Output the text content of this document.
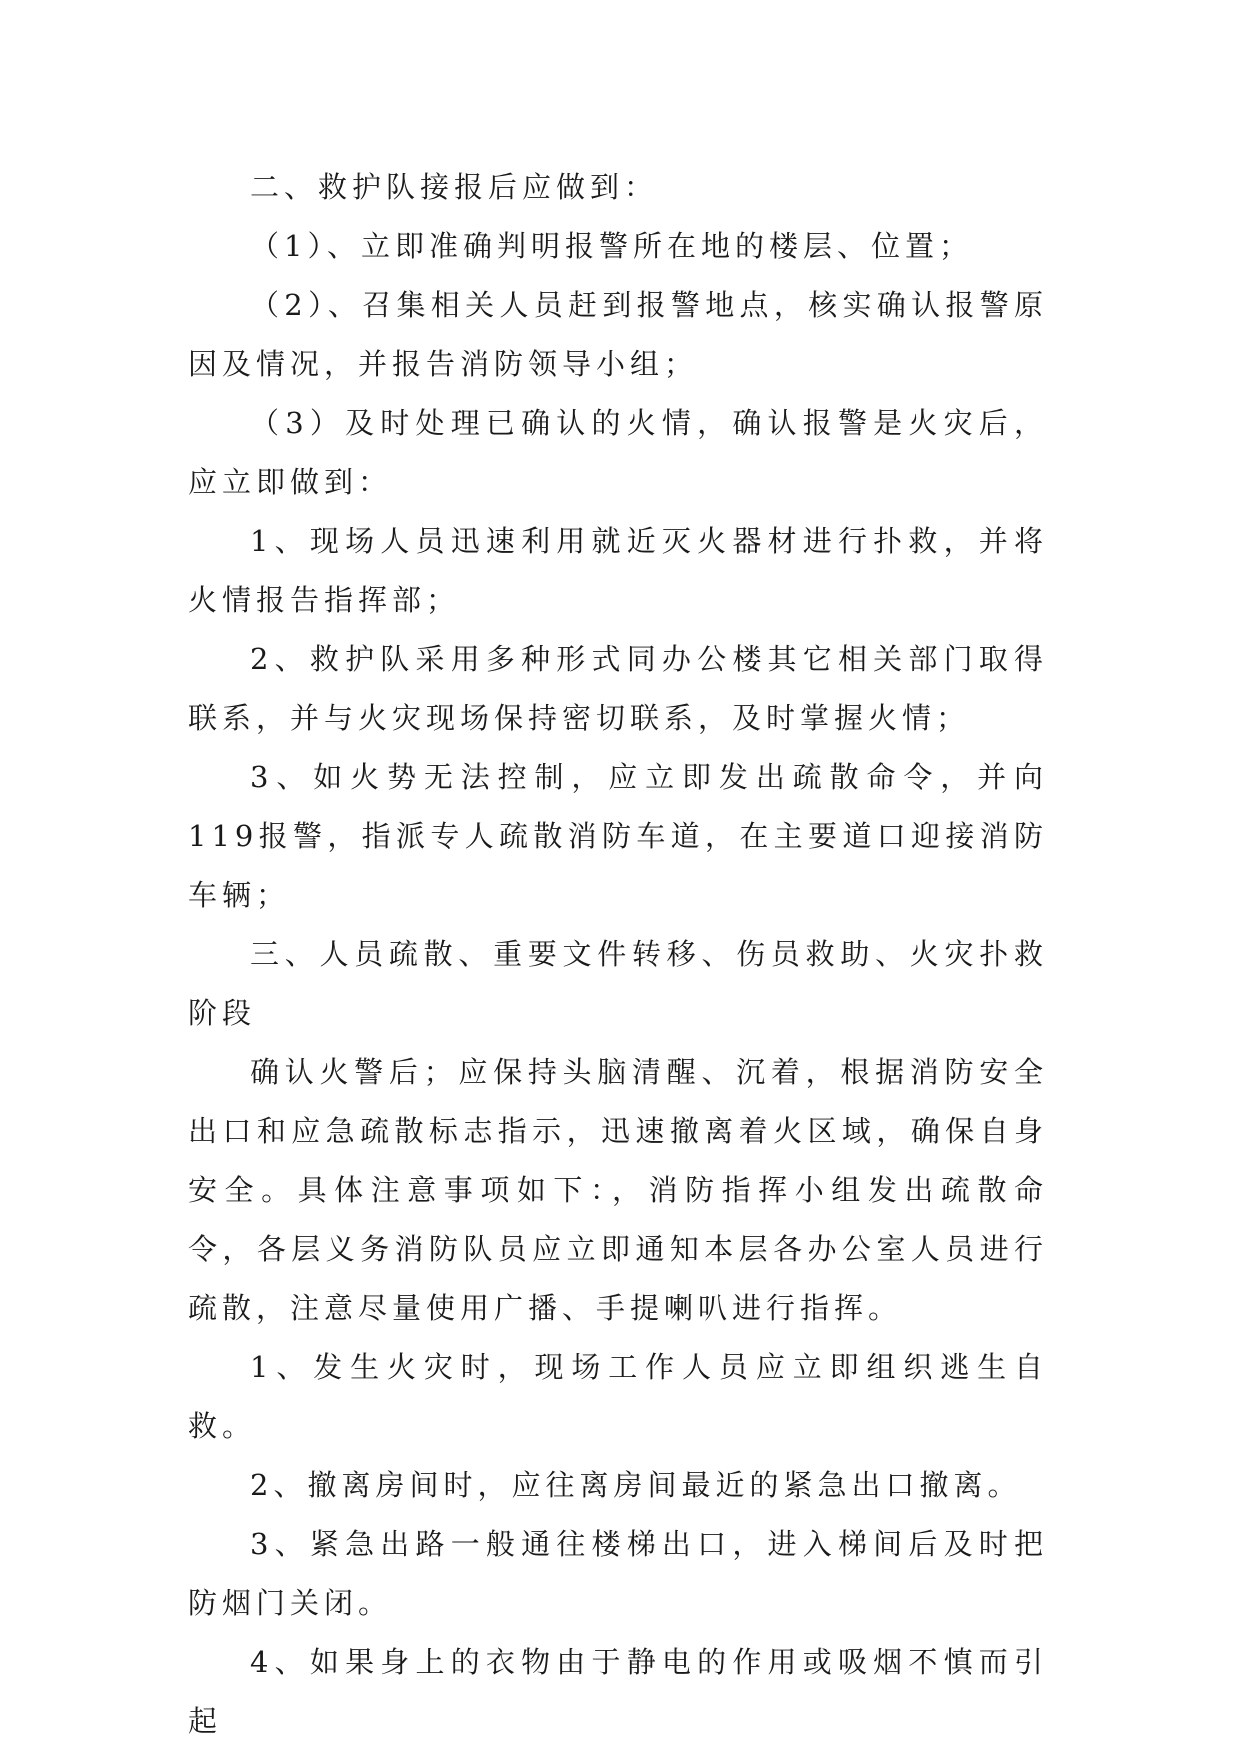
二、救护队接报后应做到：

（1）、立即准确判明报警所在地的楼层、位置；

（2）、召集相关人员赶到报警地点，核实确认报警原因及情况，并报告消防领导小组；

（3）及时处理已确认的火情，确认报警是火灾后，应立即做到：

1、现场人员迅速利用就近灭火器材进行扑救，并将火情报告指挥部；

2、救护队采用多种形式同办公楼其它相关部门取得联系，并与火灾现场保持密切联系，及时掌握火情；

3、如火势无法控制，应立即发出疏散命令，并向119报警，指派专人疏散消防车道，在主要道口迎接消防车辆；

三、人员疏散、重要文件转移、伤员救助、火灾扑救阶段

确认火警后；应保持头脑清醒、沉着，根据消防安全出口和应急疏散标志指示，迅速撤离着火区域，确保自身安全。具体注意事项如下：，消防指挥小组发出疏散命令，各层义务消防队员应立即通知本层各办公室人员进行疏散，注意尽量使用广播、手提喇叭进行指挥。

1、发生火灾时，现场工作人员应立即组织逃生自救。

2、撤离房间时，应往离房间最近的紧急出口撤离。

3、紧急出路一般通往楼梯出口，进入梯间后及时把防烟门关闭。

4、如果身上的衣物由于静电的作用或吸烟不慎而引起
